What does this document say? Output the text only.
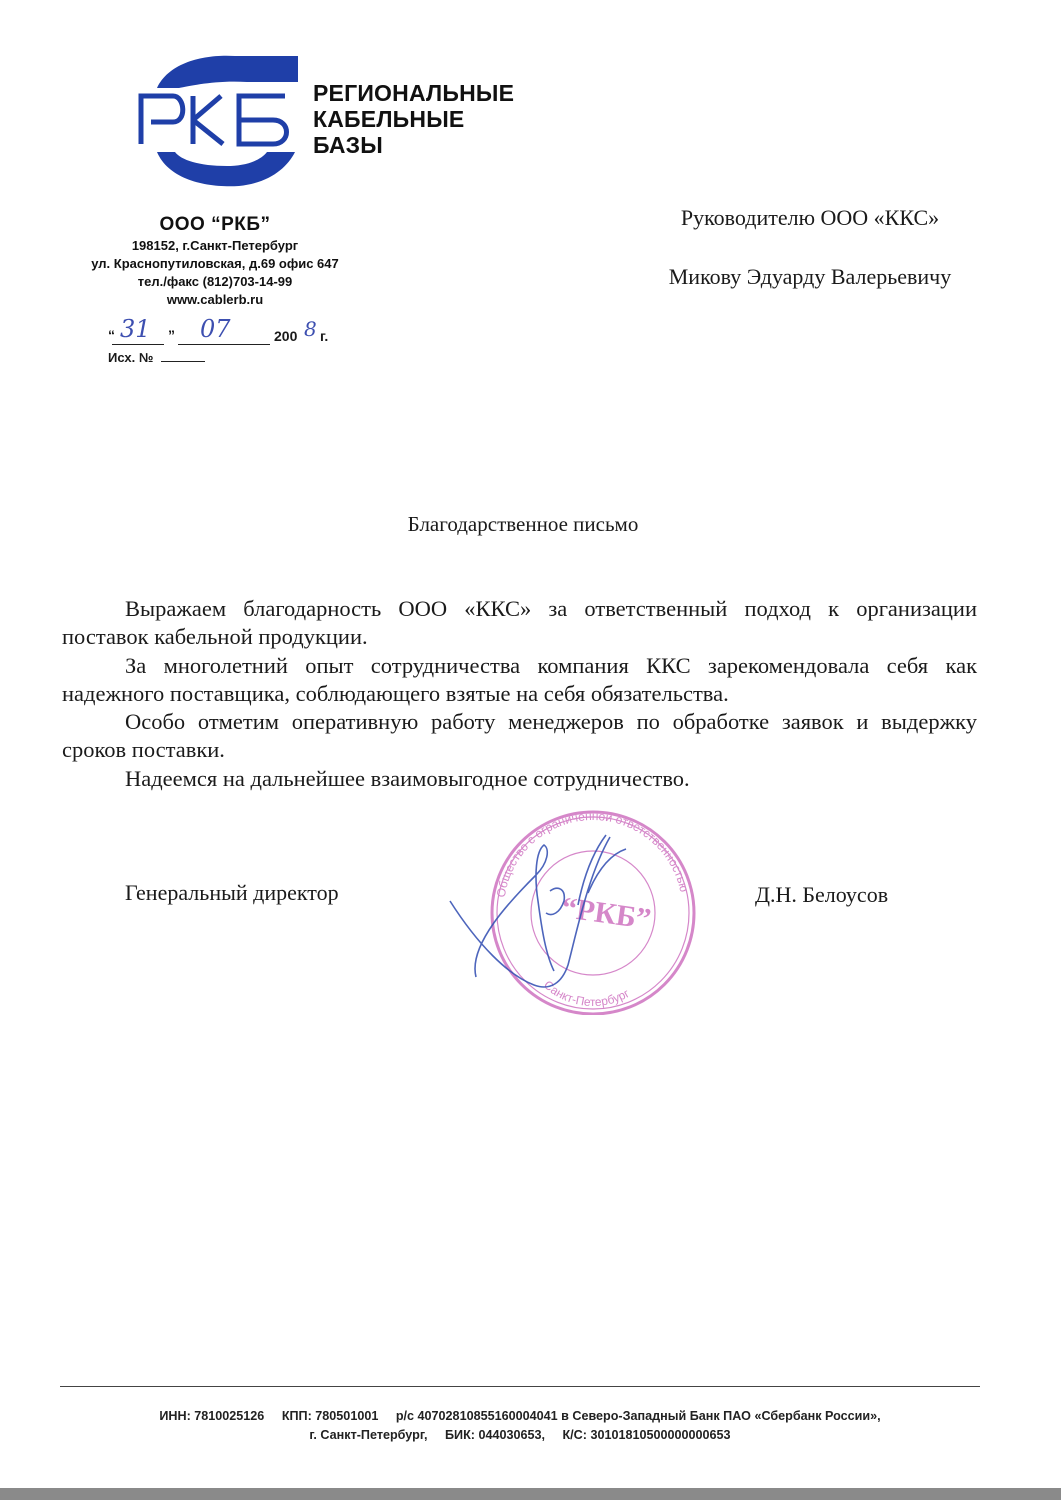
РЕГИОНАЛЬНЫЕ
КАБЕЛЬНЫЕ
БАЗЫ
ООО “РКБ”
198152, г.Санкт-Петербург
ул. Краснопутиловская, д.69 офис 647
тел./факс (812)703-14-99
www.cablerb.ru
“ 31 ” 07	200 8 г.
Исх. №
Руководителю ООО «ККС»
Микову Эдуарду Валерьевичу
Благодарственное письмо

Выражаем благодарность ООО «ККС» за ответственный подход к организации поставок кабельной продукции.

За многолетний опыт сотрудничества компания ККС зарекомендовала себя как надежного поставщика, соблюдающего взятые на себя обязательства.

Особо отметим оперативную работу менеджеров по обработке заявок и выдержку сроков поставки.

Надеемся на дальнейшее взаимовыгодное сотрудничество.

Общество с ограниченной ответственностью
Санкт-Петербург
“РКБ”
Генеральный директор	Д.Н. Белоусов
ИНН: 7810025126 КПП: 780501001 р/с 40702810855160004041 в Северо-Западный Банк ПАО «Сбербанк России»,
г. Санкт-Петербург, БИК: 044030653, К/С: 30101810500000000653
